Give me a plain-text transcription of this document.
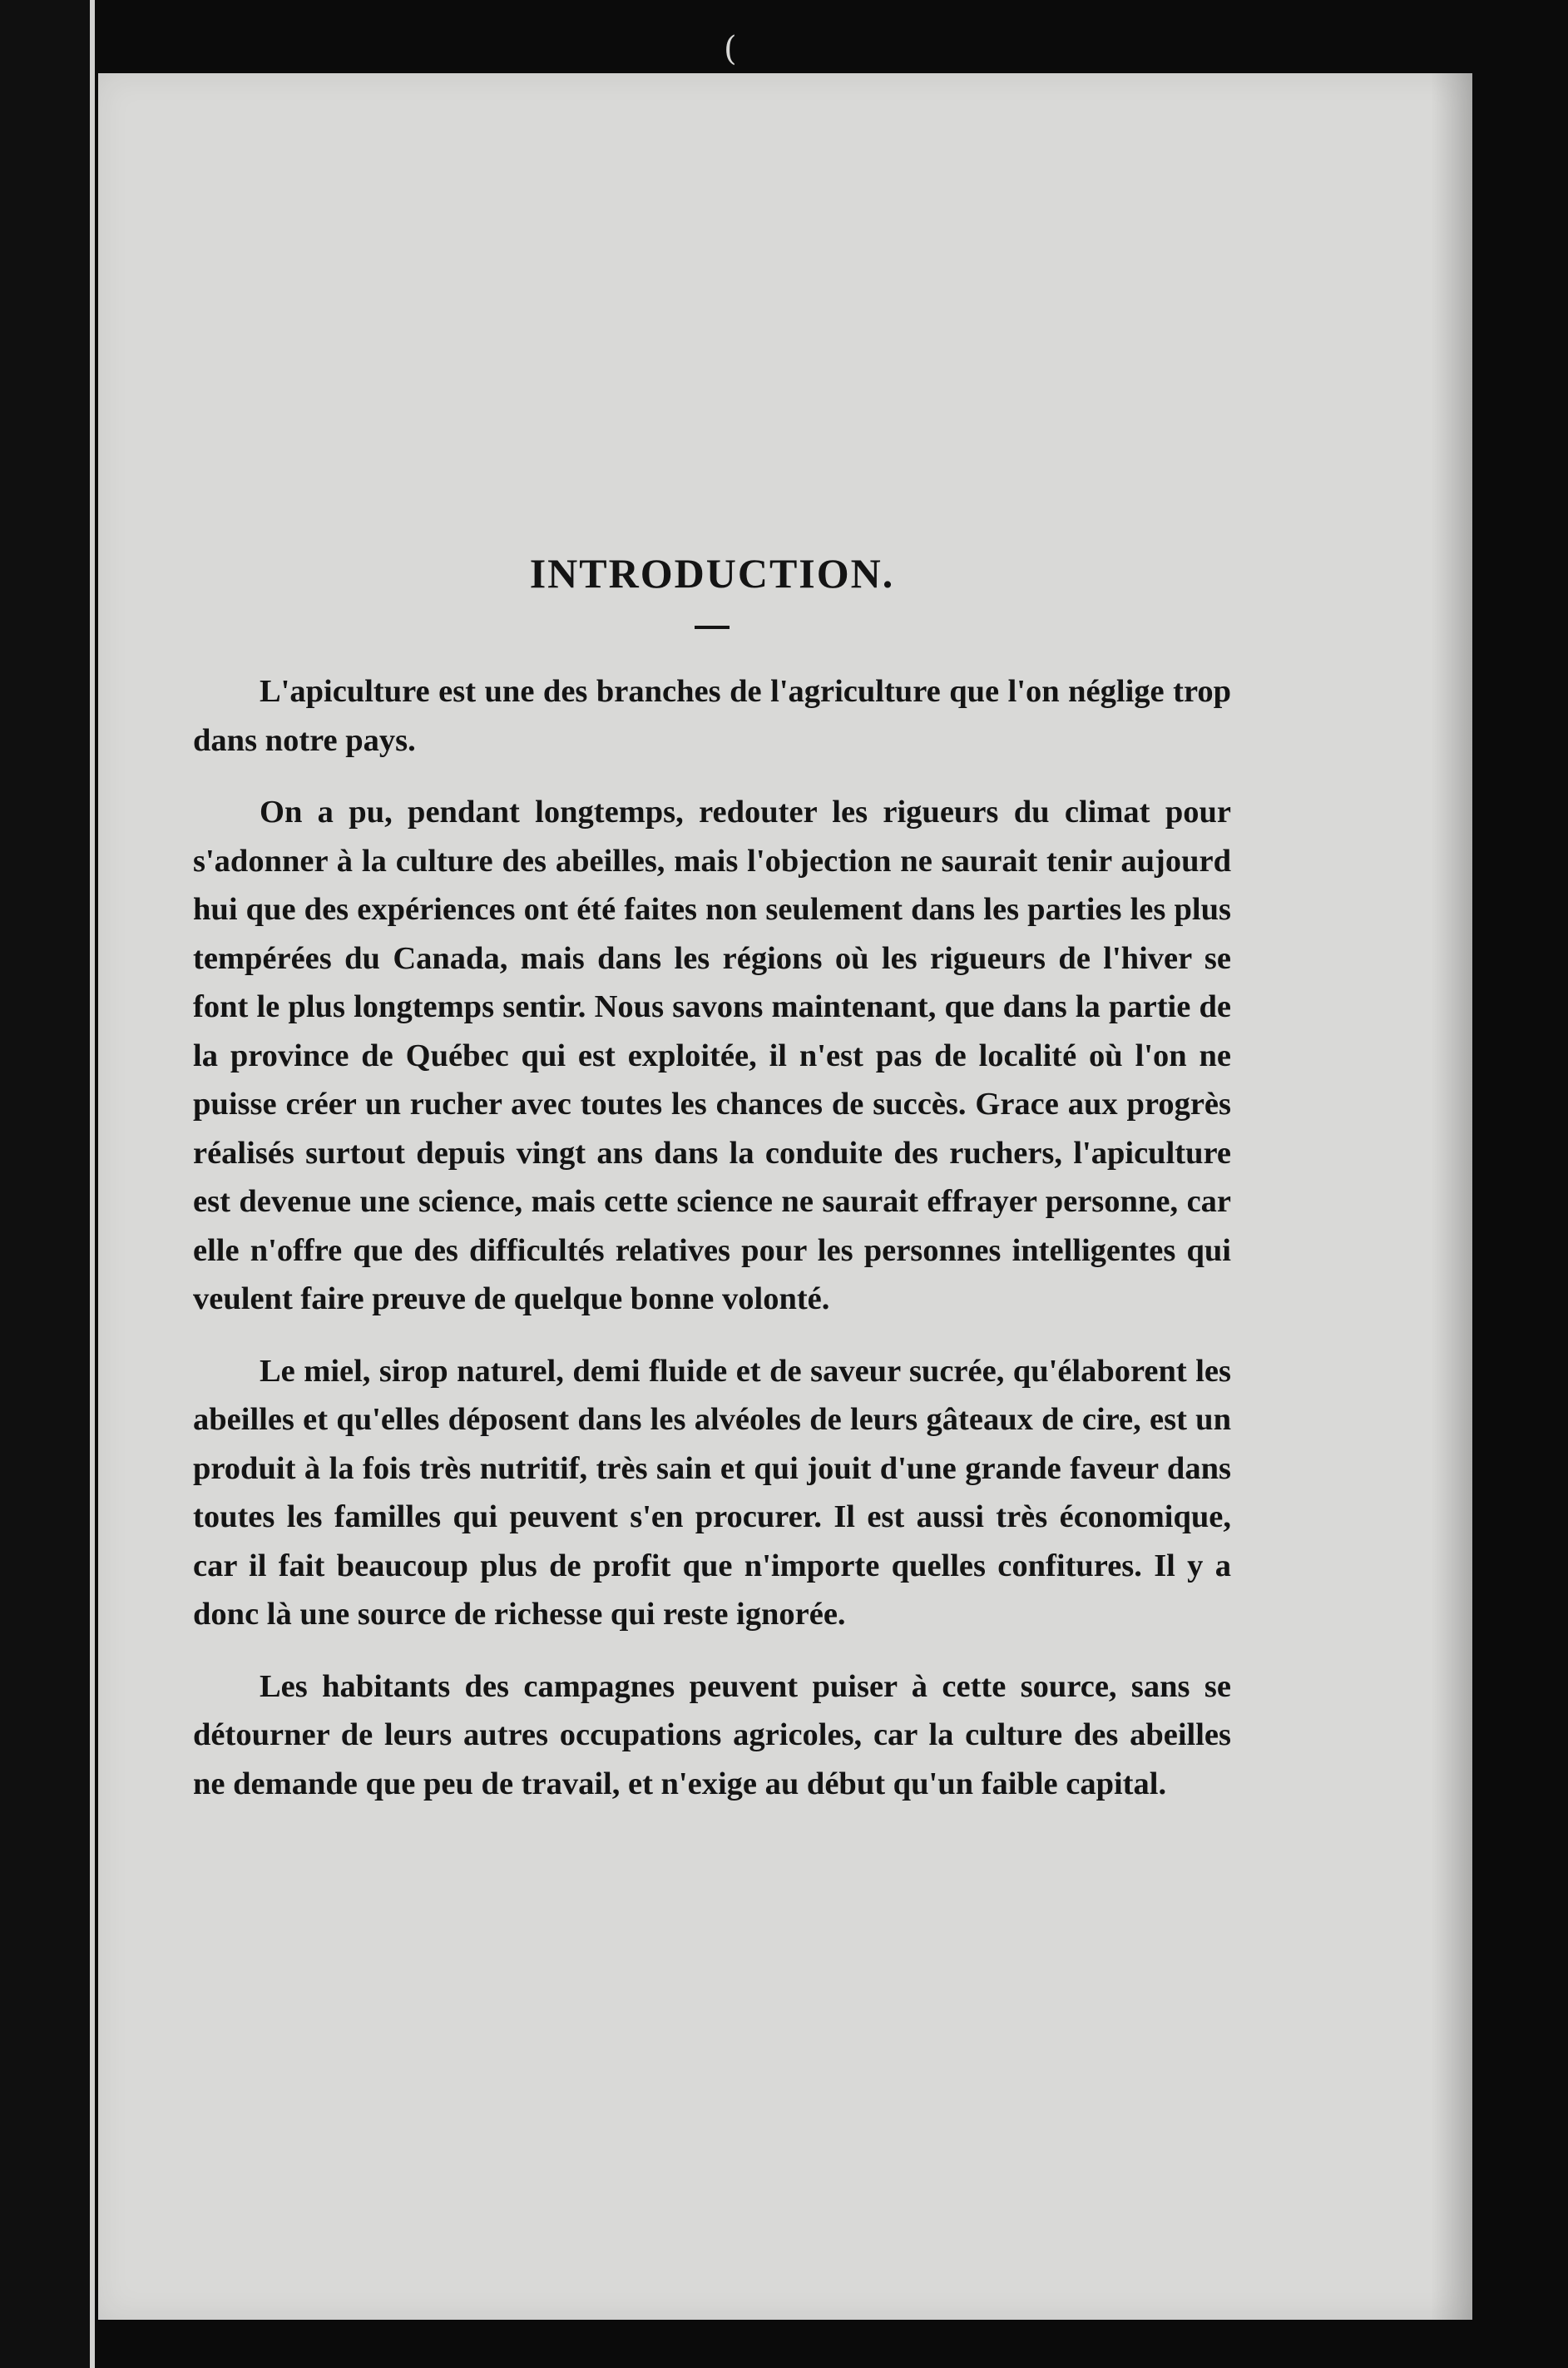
(
INTRODUCTION.

L'apiculture est une des branches de l'agriculture que l'on néglige trop dans notre pays.

On a pu, pendant longtemps, redouter les rigueurs du climat pour s'adonner à la culture des abeilles, mais l'objection ne saurait tenir aujourd hui que des expériences ont été faites non seulement dans les parties les plus tempérées du Canada, mais dans les régions où les rigueurs de l'hiver se font le plus longtemps sentir. Nous savons maintenant, que dans la partie de la province de Québec qui est exploitée, il n'est pas de localité où l'on ne puisse créer un rucher avec toutes les chances de succès. Grace aux progrès réalisés surtout depuis vingt ans dans la conduite des ruchers, l'apiculture est devenue une science, mais cette science ne saurait effrayer personne, car elle n'offre que des difficultés relatives pour les personnes intelligentes qui veulent faire preuve de quelque bonne volonté.

Le miel, sirop naturel, demi fluide et de saveur sucrée, qu'élaborent les abeilles et qu'elles déposent dans les alvéoles de leurs gâteaux de cire, est un produit à la fois très nutritif, très sain et qui jouit d'une grande faveur dans toutes les familles qui peuvent s'en procurer. Il est aussi très économique, car il fait beaucoup plus de profit que n'importe quelles confitures. Il y a donc là une source de richesse qui reste ignorée.

Les habitants des campagnes peuvent puiser à cette source, sans se détourner de leurs autres occupations agricoles, car la culture des abeilles ne demande que peu de travail, et n'exige au début qu'un faible capital.
